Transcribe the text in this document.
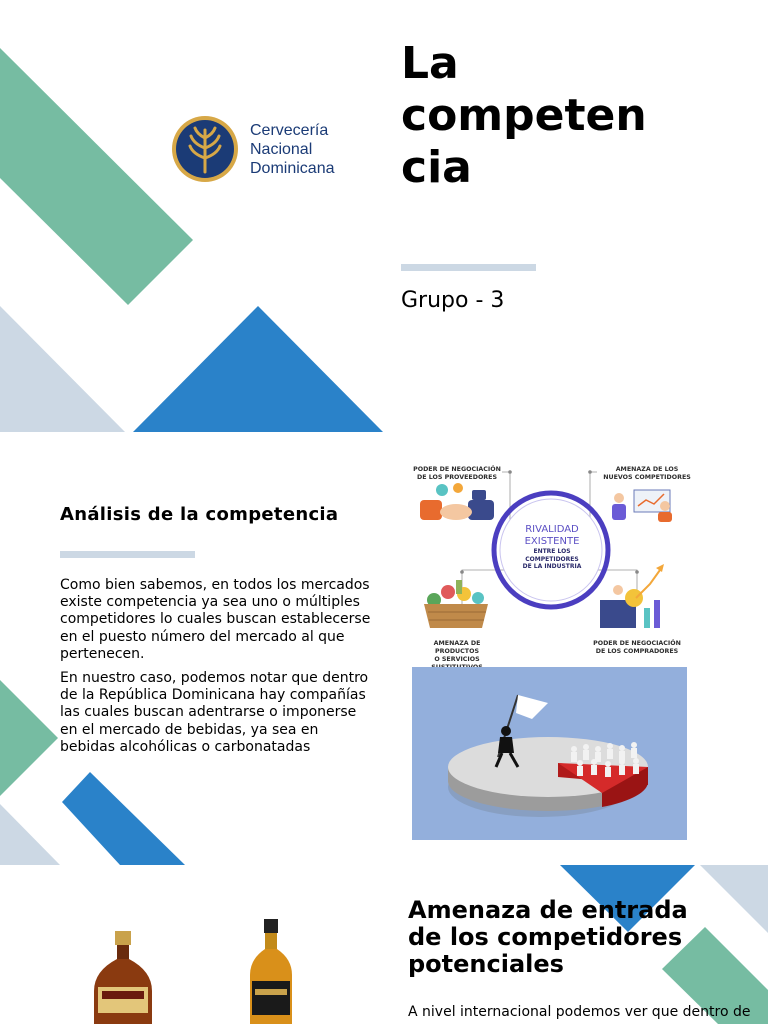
Cervecería
Nacional
Dominicana
La
competen
cia
Grupo - 3
Análisis de la competencia

Como bien sabemos, en todos los mercados existe competencia ya sea uno o múltiples competidores lo cuales buscan establecerse en el puesto número del mercado al que pertenecen.

En nuestro caso, podemos notar que dentro de la República Dominicana hay compañías las cuales buscan adentrarse o imponerse en el mercado de bebidas, ya sea en bebidas alcohólicas o carbonatadas

PODER DE NEGOCIACIÓN
DE LOS PROVEEDORES
AMENAZA DE LOS
NUEVOS COMPETIDORES
AMENAZA DE PRODUCTOS
O SERVICIOS
PODER DE NEGOCIACIÓN
DE LOS COMPRADORES
RIVALIDAD
EXISTENTE
ENTRE LOS
COMPETIDORES
DE LA INDUSTRIA
Amenaza de entrada
de los competidores
potenciales
A nivel internacional podemos ver que dentro de
